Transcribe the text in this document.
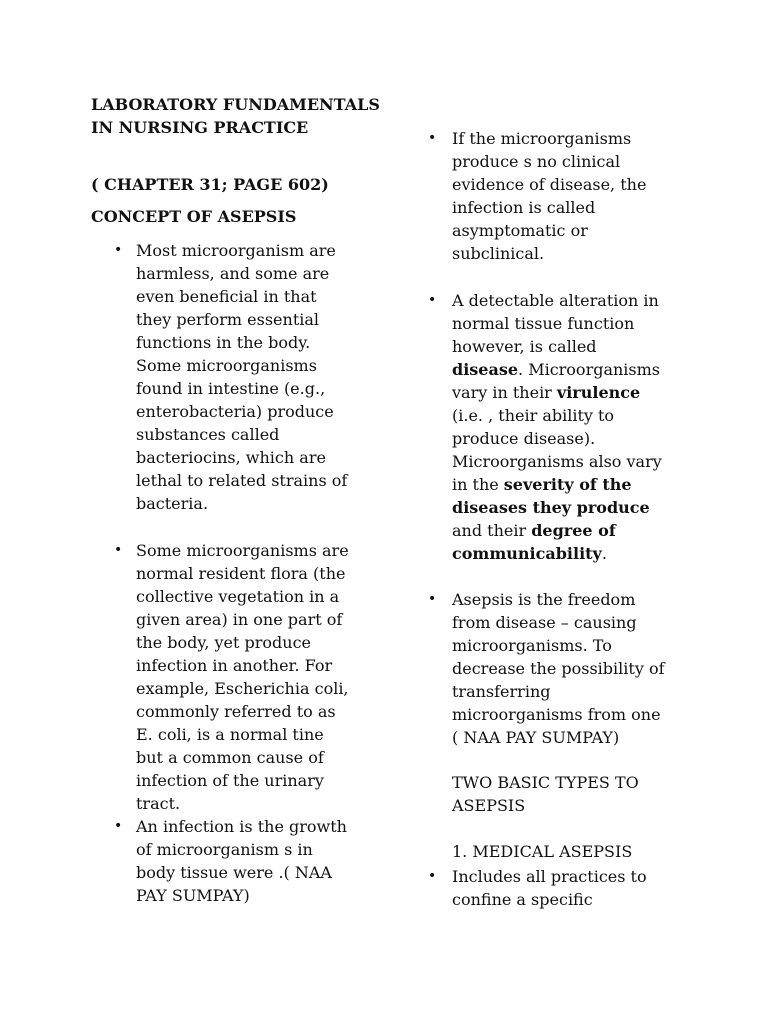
LABORATORY FUNDAMENTALS IN NURSING PRACTICE
( CHAPTER 31; PAGE 602)
CONCEPT OF ASEPSIS
• Most microorganism are
harmless, and some are
even beneficial in that
they perform essential
functions in the body.
Some microorganisms
found in intestine (e.g.,
enterobacteria) produce
substances called
bacteriocins, which are
lethal to related strains of
bacteria.
• Some microorganisms are
normal resident flora (the
collective vegetation in a
given area) in one part of
the body, yet produce
infection in another. For
example, Escherichia coli,
commonly referred to as
E. coli, is a normal tine
but a common cause of
infection of the urinary
tract.
• An infection is the growth
of microorganism s in
body tissue were .( NAA
PAY SUMPAY)
• If the microorganisms
produce s no clinical
evidence of disease, the
infection is called
asymptomatic or
subclinical.
• A detectable alteration in
normal tissue function
however, is called
disease. Microorganisms
vary in their virulence
(i.e. , their ability to
produce disease).
Microorganisms also vary
in the severity of the
diseases they produce
and their degree of
communicability.
• Asepsis is the freedom
from disease – causing
microorganisms. To
decrease the possibility of
transferring
microorganisms from one
( NAA PAY SUMPAY)
TWO BASIC TYPES TO
ASEPSIS
1. MEDICAL ASEPSIS
• Includes all practices to
confine a specific
